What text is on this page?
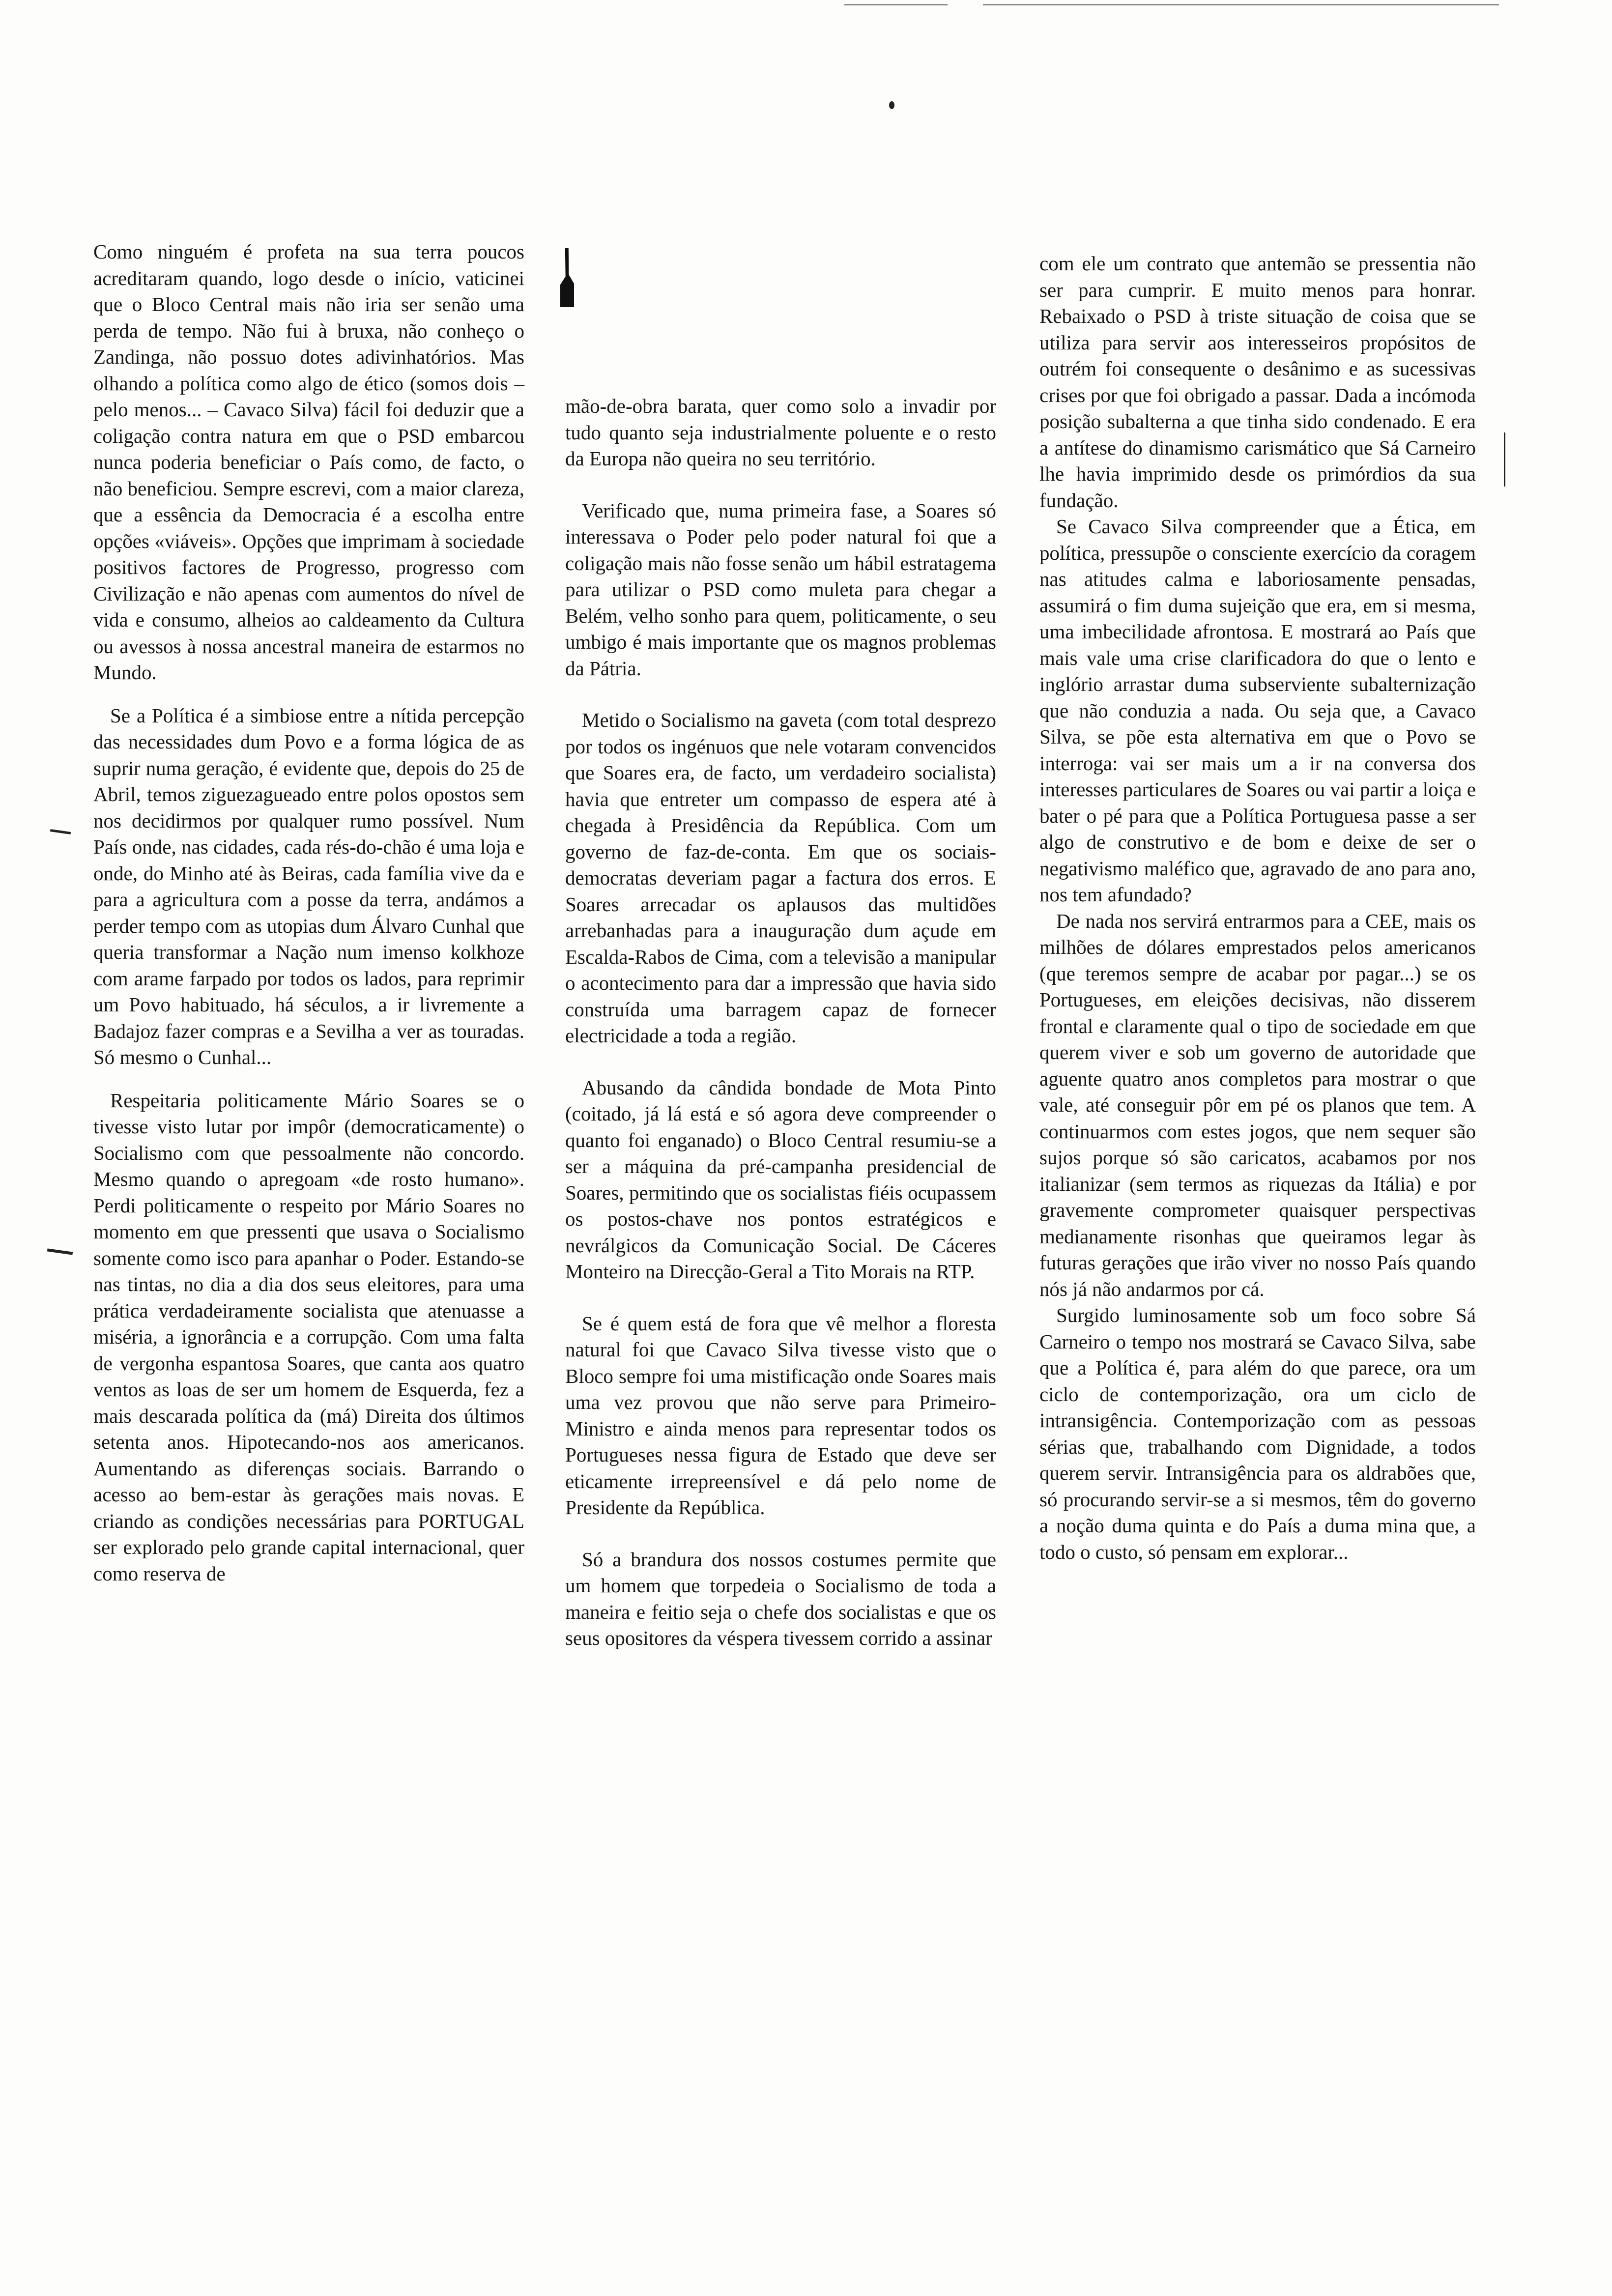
Como ninguém é profeta na sua terra poucos acreditaram quando, logo desde o início, vaticinei que o Bloco Central mais não iria ser senão uma perda de tempo. Não fui à bruxa, não conheço o Zandinga, não possuo dotes adivinhatórios. Mas olhando a política como algo de ético (somos dois – pelo menos... – Cavaco Silva) fácil foi deduzir que a coligação contra natura em que o PSD embarcou nunca poderia beneficiar o País como, de facto, o não beneficiou. Sempre escrevi, com a maior clareza, que a essência da Democracia é a escolha entre opções «viáveis». Opções que imprimam à sociedade positivos factores de Progresso, progresso com Civilização e não apenas com aumentos do nível de vida e consumo, alheios ao caldeamento da Cultura ou avessos à nossa ancestral maneira de estarmos no Mundo.

Se a Política é a simbiose entre a nítida percepção das necessidades dum Povo e a forma lógica de as suprir numa geração, é evidente que, depois do 25 de Abril, temos ziguezagueado entre polos opostos sem nos decidirmos por qualquer rumo possível. Num País onde, nas cidades, cada rés-do-chão é uma loja e onde, do Minho até às Beiras, cada família vive da e para a agricultura com a posse da terra, andámos a perder tempo com as utopias dum Álvaro Cunhal que queria transformar a Nação num imenso kolkhoze com arame farpado por todos os lados, para reprimir um Povo habituado, há séculos, a ir livremente a Badajoz fazer compras e a Sevilha a ver as touradas. Só mesmo o Cunhal...

Respeitaria politicamente Mário Soares se o tivesse visto lutar por impôr (democraticamente) o Socialismo com que pessoalmente não concordo. Mesmo quando o apregoam «de rosto humano». Perdi politicamente o respeito por Mário Soares no momento em que pressenti que usava o Socialismo somente como isco para apanhar o Poder. Estando-se nas tintas, no dia a dia dos seus eleitores, para uma prática verdadeiramente socialista que atenuasse a miséria, a ignorância e a corrupção. Com uma falta de vergonha espantosa Soares, que canta aos quatro ventos as loas de ser um homem de Esquerda, fez a mais descarada política da (má) Direita dos últimos setenta anos. Hipotecando-nos aos americanos. Aumentando as diferenças sociais. Barrando o acesso ao bem-estar às gerações mais novas. E criando as condições necessárias para PORTUGAL ser explorado pelo grande capital internacional, quer como reserva de

mão-de-obra barata, quer como solo a invadir por tudo quanto seja industrialmente poluente e o resto da Europa não queira no seu território.

Verificado que, numa primeira fase, a Soares só interessava o Poder pelo poder natural foi que a coligação mais não fosse senão um hábil estratagema para utilizar o PSD como muleta para chegar a Belém, velho sonho para quem, politicamente, o seu umbigo é mais importante que os magnos problemas da Pátria.

Metido o Socialismo na gaveta (com total desprezo por todos os ingénuos que nele votaram convencidos que Soares era, de facto, um verdadeiro socialista) havia que entreter um compasso de espera até à chegada à Presidência da República. Com um governo de faz-de-conta. Em que os sociais-democratas deveriam pagar a factura dos erros. E Soares arrecadar os aplausos das multidões arrebanhadas para a inauguração dum açude em Escalda-Rabos de Cima, com a televisão a manipular o acontecimento para dar a impressão que havia sido construída uma barragem capaz de fornecer electricidade a toda a região.

Abusando da cândida bondade de Mota Pinto (coitado, já lá está e só agora deve compreender o quanto foi enganado) o Bloco Central resumiu-se a ser a máquina da pré-campanha presidencial de Soares, permitindo que os socialistas fiéis ocupassem os postos-chave nos pontos estratégicos e nevrálgicos da Comunicação Social. De Cáceres Monteiro na Direcção-Geral a Tito Morais na RTP.

Se é quem está de fora que vê melhor a floresta natural foi que Cavaco Silva tivesse visto que o Bloco sempre foi uma mistificação onde Soares mais uma vez provou que não serve para Primeiro-Ministro e ainda menos para representar todos os Portugueses nessa figura de Estado que deve ser eticamente irrepreensível e dá pelo nome de Presidente da República.

Só a brandura dos nossos costumes permite que um homem que torpedeia o Socialismo de toda a maneira e feitio seja o chefe dos socialistas e que os seus opositores da véspera tivessem corrido a assinar

com ele um contrato que antemão se pressentia não ser para cumprir. E muito menos para honrar. Rebaixado o PSD à triste situação de coisa que se utiliza para servir aos interesseiros propósitos de outrém foi consequente o desânimo e as sucessivas crises por que foi obrigado a passar. Dada a incómoda posição subalterna a que tinha sido condenado. E era a antítese do dinamismo carismático que Sá Carneiro lhe havia imprimido desde os primórdios da sua fundação.

Se Cavaco Silva compreender que a Ética, em política, pressupõe o consciente exercício da coragem nas atitudes calma e laboriosamente pensadas, assumirá o fim duma sujeição que era, em si mesma, uma imbecilidade afrontosa. E mostrará ao País que mais vale uma crise clarificadora do que o lento e inglório arrastar duma subserviente subalternização que não conduzia a nada. Ou seja que, a Cavaco Silva, se põe esta alternativa em que o Povo se interroga: vai ser mais um a ir na conversa dos interesses particulares de Soares ou vai partir a loiça e bater o pé para que a Política Portuguesa passe a ser algo de construtivo e de bom e deixe de ser o negativismo maléfico que, agravado de ano para ano, nos tem afundado?

De nada nos servirá entrarmos para a CEE, mais os milhões de dólares emprestados pelos americanos (que teremos sempre de acabar por pagar...) se os Portugueses, em eleições decisivas, não disserem frontal e claramente qual o tipo de sociedade em que querem viver e sob um governo de autoridade que aguente quatro anos completos para mostrar o que vale, até conseguir pôr em pé os planos que tem. A continuarmos com estes jogos, que nem sequer são sujos porque só são caricatos, acabamos por nos italianizar (sem termos as riquezas da Itália) e por gravemente comprometer quaisquer perspectivas medianamente risonhas que queiramos legar às futuras gerações que irão viver no nosso País quando nós já não andarmos por cá.

Surgido luminosamente sob um foco sobre Sá Carneiro o tempo nos mostrará se Cavaco Silva, sabe que a Política é, para além do que parece, ora um ciclo de contemporização, ora um ciclo de intransigência. Contemporização com as pessoas sérias que, trabalhando com Dignidade, a todos querem servir. Intransigência para os aldrabões que, só procurando servir-se a si mesmos, têm do governo a noção duma quinta e do País a duma mina que, a todo o custo, só pensam em explorar...
